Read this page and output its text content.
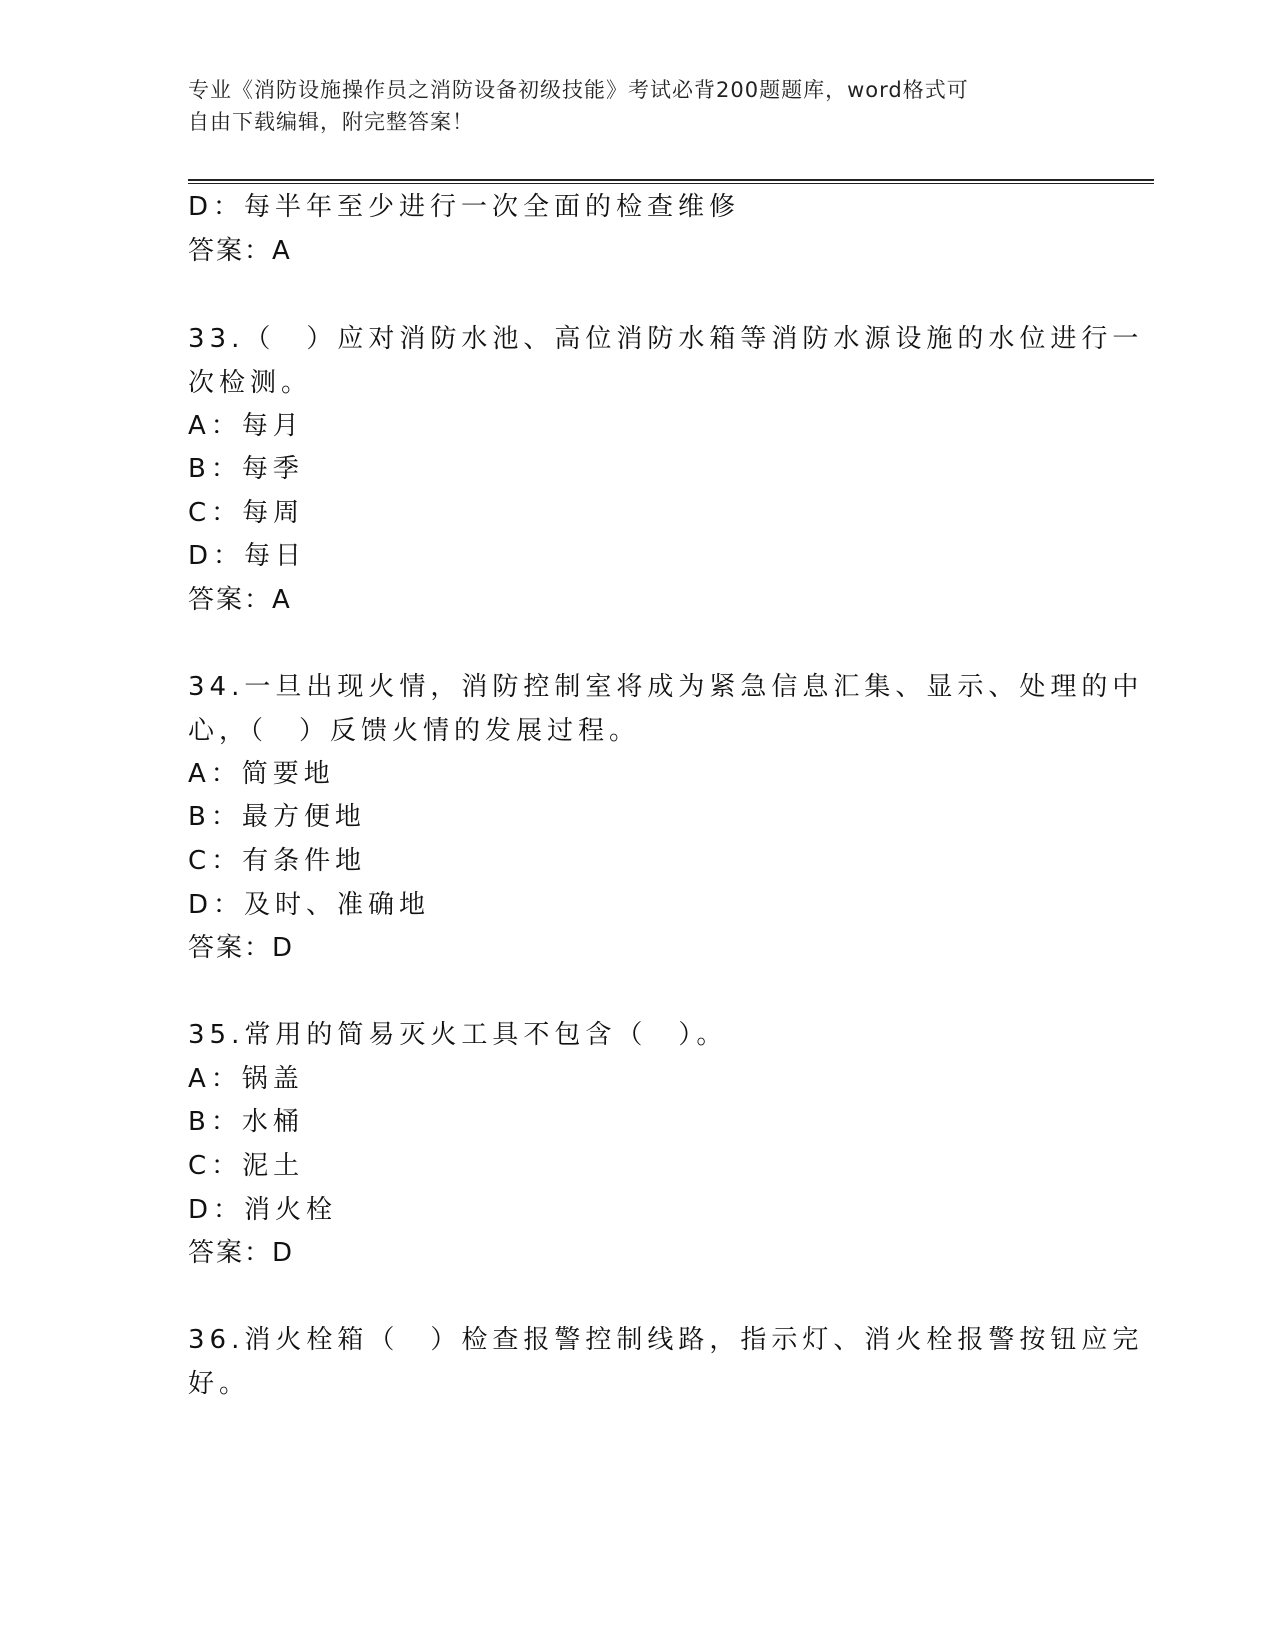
专业《消防设施操作员之消防设备初级技能》考试必背200题题库，word格式可
自由下载编辑，附完整答案！
D：每半年至少进行一次全面的检查维修
答案：A
33.（　）应对消防水池、高位消防水箱等消防水源设施的水位进行一
次检测。
A：每月
B：每季
C：每周
D：每日
答案：A
34.一旦出现火情，消防控制室将成为紧急信息汇集、显示、处理的中
心，（　）反馈火情的发展过程。
A：简要地
B：最方便地
C：有条件地
D：及时、准确地
答案：D
35.常用的简易灭火工具不包含（　）。
A：锅盖
B：水桶
C：泥土
D：消火栓
答案：D
36.消火栓箱（　）检查报警控制线路，指示灯、消火栓报警按钮应完
好。
